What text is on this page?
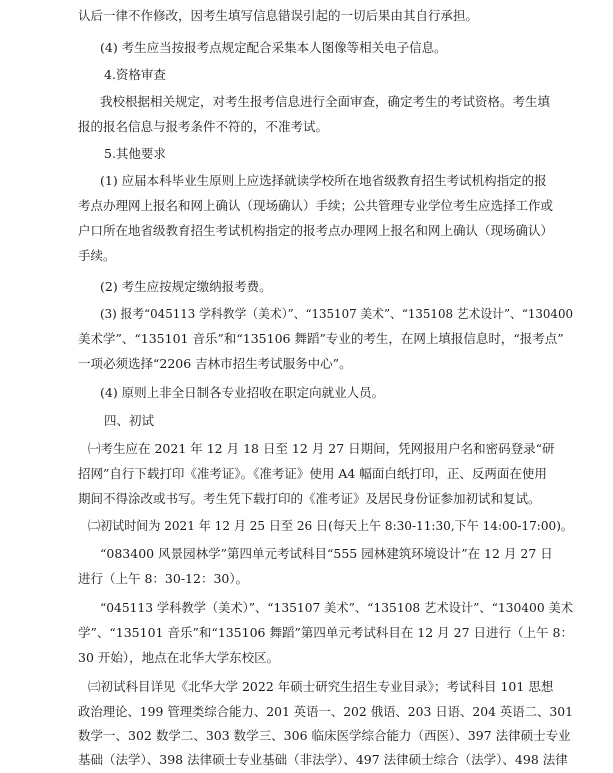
认后一律不作修改，因考生填写信息错误引起的一切后果由其自行承担。
(4) 考生应当按报考点规定配合采集本人图像等相关电子信息。
4.资格审查
我校根据相关规定，对考生报考信息进行全面审查，确定考生的考试资格。考生填
报的报名信息与报考条件不符的，不准考试。
5.其他要求
(1) 应届本科毕业生原则上应选择就读学校所在地省级教育招生考试机构指定的报
考点办理网上报名和网上确认（现场确认）手续；公共管理专业学位考生应选择工作或
户口所在地省级教育招生考试机构指定的报考点办理网上报名和网上确认（现场确认）
手续。
(2) 考生应按规定缴纳报考费。
(3) 报考“045113 学科教学（美术）”、“135107 美术”、“135108 艺术设计”、“130400
美术学”、“135101 音乐”和“135106 舞蹈”专业的考生，在网上填报信息时，“报考点”
一项必须选择“2206 吉林市招生考试服务中心”。
(4) 原则上非全日制各专业招收在职定向就业人员。
四、初试
㈠考生应在 2021 年 12 月 18 日至 12 月 27 日期间，凭网报用户名和密码登录“研
招网”自行下载打印《准考证》。《准考证》使用 A4 幅面白纸打印，正、反两面在使用
期间不得涂改或书写。考生凭下载打印的《准考证》及居民身份证参加初试和复试。
㈡初试时间为 2021 年 12 月 25 日至 26 日(每天上午 8:30-11:30,下午 14:00-17:00)。
“083400 风景园林学”第四单元考试科目“555 园林建筑环境设计”在 12 月 27 日
进行（上午 8：30-12：30）。
“045113 学科教学（美术）”、“135107 美术”、“135108 艺术设计”、“130400 美术
学”、“135101 音乐”和“135106 舞蹈”第四单元考试科目在 12 月 27 日进行（上午 8：
30 开始），地点在北华大学东校区。
㈢初试科目详见《北华大学 2022 年硕士研究生招生专业目录》；考试科目 101 思想
政治理论、199 管理类综合能力、201 英语一、202 俄语、203 日语、204 英语二、301
数学一、302 数学二、303 数学三、306 临床医学综合能力（西医）、397 法律硕士专业
基础（法学）、398 法律硕士专业基础（非法学）、497 法律硕士综合（法学）、498 法律
